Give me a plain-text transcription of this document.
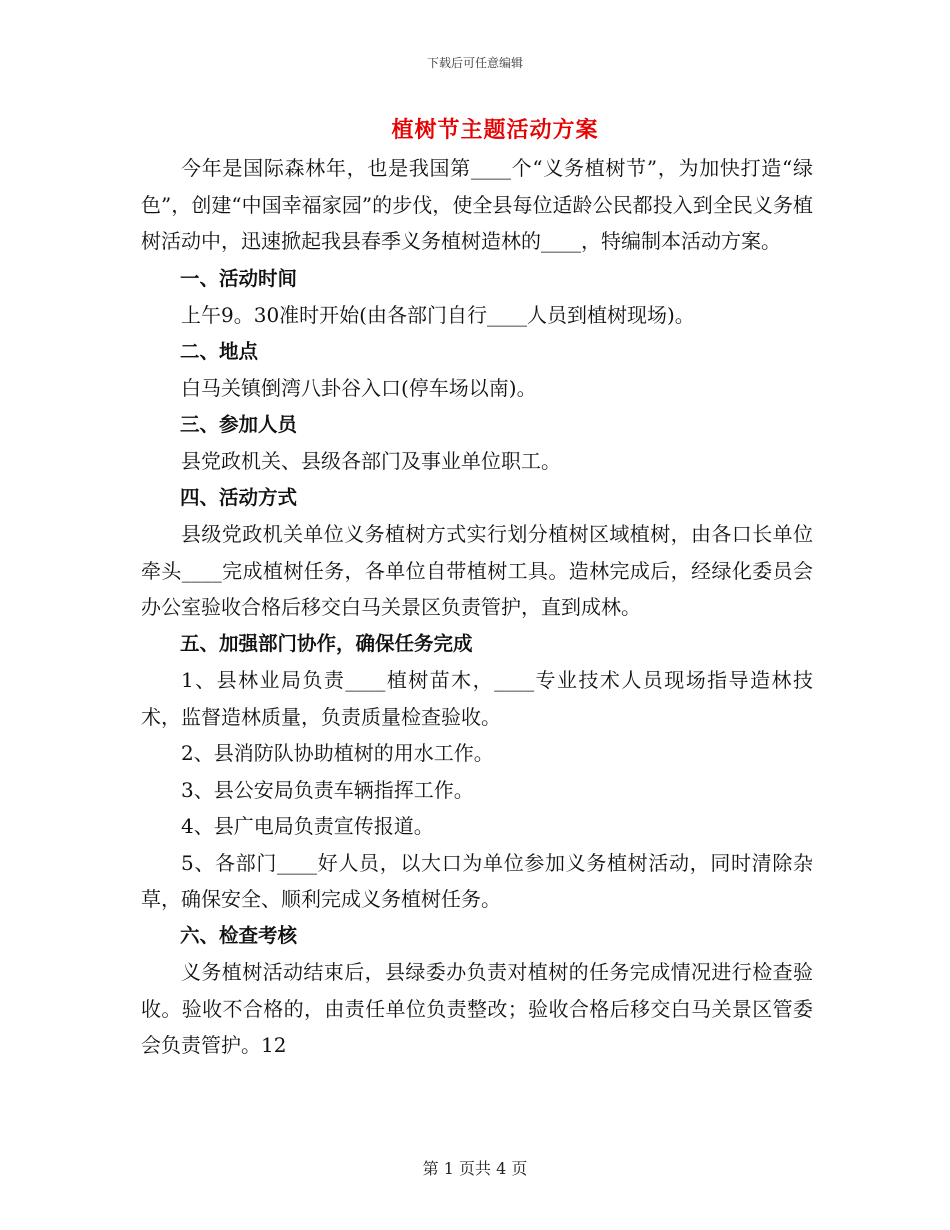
下载后可任意编辑
植树节主题活动方案

今年是国际森林年，也是我国第____个“义务植树节”，为加快打造“绿色”，创建“中国幸福家园”的步伐，使全县每位适龄公民都投入到全民义务植树活动中，迅速掀起我县春季义务植树造林的____，特编制本活动方案。

一、活动时间

上午9。30准时开始(由各部门自行____人员到植树现场)。

二、地点

白马关镇倒湾八卦谷入口(停车场以南)。

三、参加人员

县党政机关、县级各部门及事业单位职工。

四、活动方式

县级党政机关单位义务植树方式实行划分植树区域植树，由各口长单位牵头____完成植树任务，各单位自带植树工具。造林完成后，经绿化委员会办公室验收合格后移交白马关景区负责管护，直到成林。

五、加强部门协作，确保任务完成

1、县林业局负责____植树苗木，____专业技术人员现场指导造林技术，监督造林质量，负责质量检查验收。

2、县消防队协助植树的用水工作。

3、县公安局负责车辆指挥工作。

4、县广电局负责宣传报道。

5、各部门____好人员，以大口为单位参加义务植树活动，同时清除杂草，确保安全、顺利完成义务植树任务。

六、检查考核

义务植树活动结束后，县绿委办负责对植树的任务完成情况进行检查验收。验收不合格的，由责任单位负责整改；验收合格后移交白马关景区管委会负责管护。12

第 1 页共 4 页
